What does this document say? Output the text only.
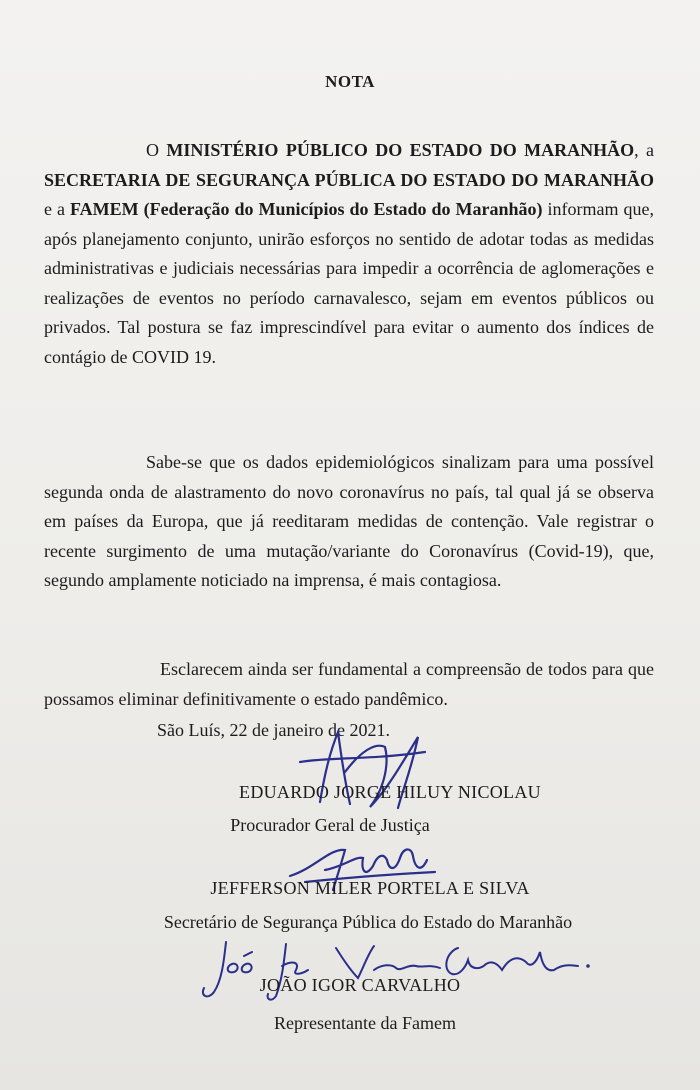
NOTA
O MINISTÉRIO PÚBLICO DO ESTADO DO MARANHÃO, a SECRETARIA DE SEGURANÇA PÚBLICA DO ESTADO DO MARANHÃO e a FAMEM (Federação do Municípios do Estado do Maranhão) informam que, após planejamento conjunto, unirão esforços no sentido de adotar todas as medidas administrativas e judiciais necessárias para impedir a ocorrência de aglomerações e realizações de eventos no período carnavalesco, sejam em eventos públicos ou privados. Tal postura se faz imprescindível para evitar o aumento dos índices de contágio de COVID 19.
Sabe-se que os dados epidemiológicos sinalizam para uma possível segunda onda de alastramento do novo coronavírus no país, tal qual já se observa em países da Europa, que já reeditaram medidas de contenção. Vale registrar o recente surgimento de uma mutação/variante do Coronavírus (Covid-19), que, segundo amplamente noticiado na imprensa, é mais contagiosa.
Esclarecem ainda ser fundamental a compreensão de todos para que possamos eliminar definitivamente o estado pandêmico.
São Luís, 22 de janeiro de 2021.
EDUARDO JORGE HILUY NICOLAU
Procurador Geral de Justiça
JEFFERSON MILER PORTELA E SILVA
Secretário de Segurança Pública do Estado do Maranhão
JOÃO IGOR CARVALHO
Representante da Famem
